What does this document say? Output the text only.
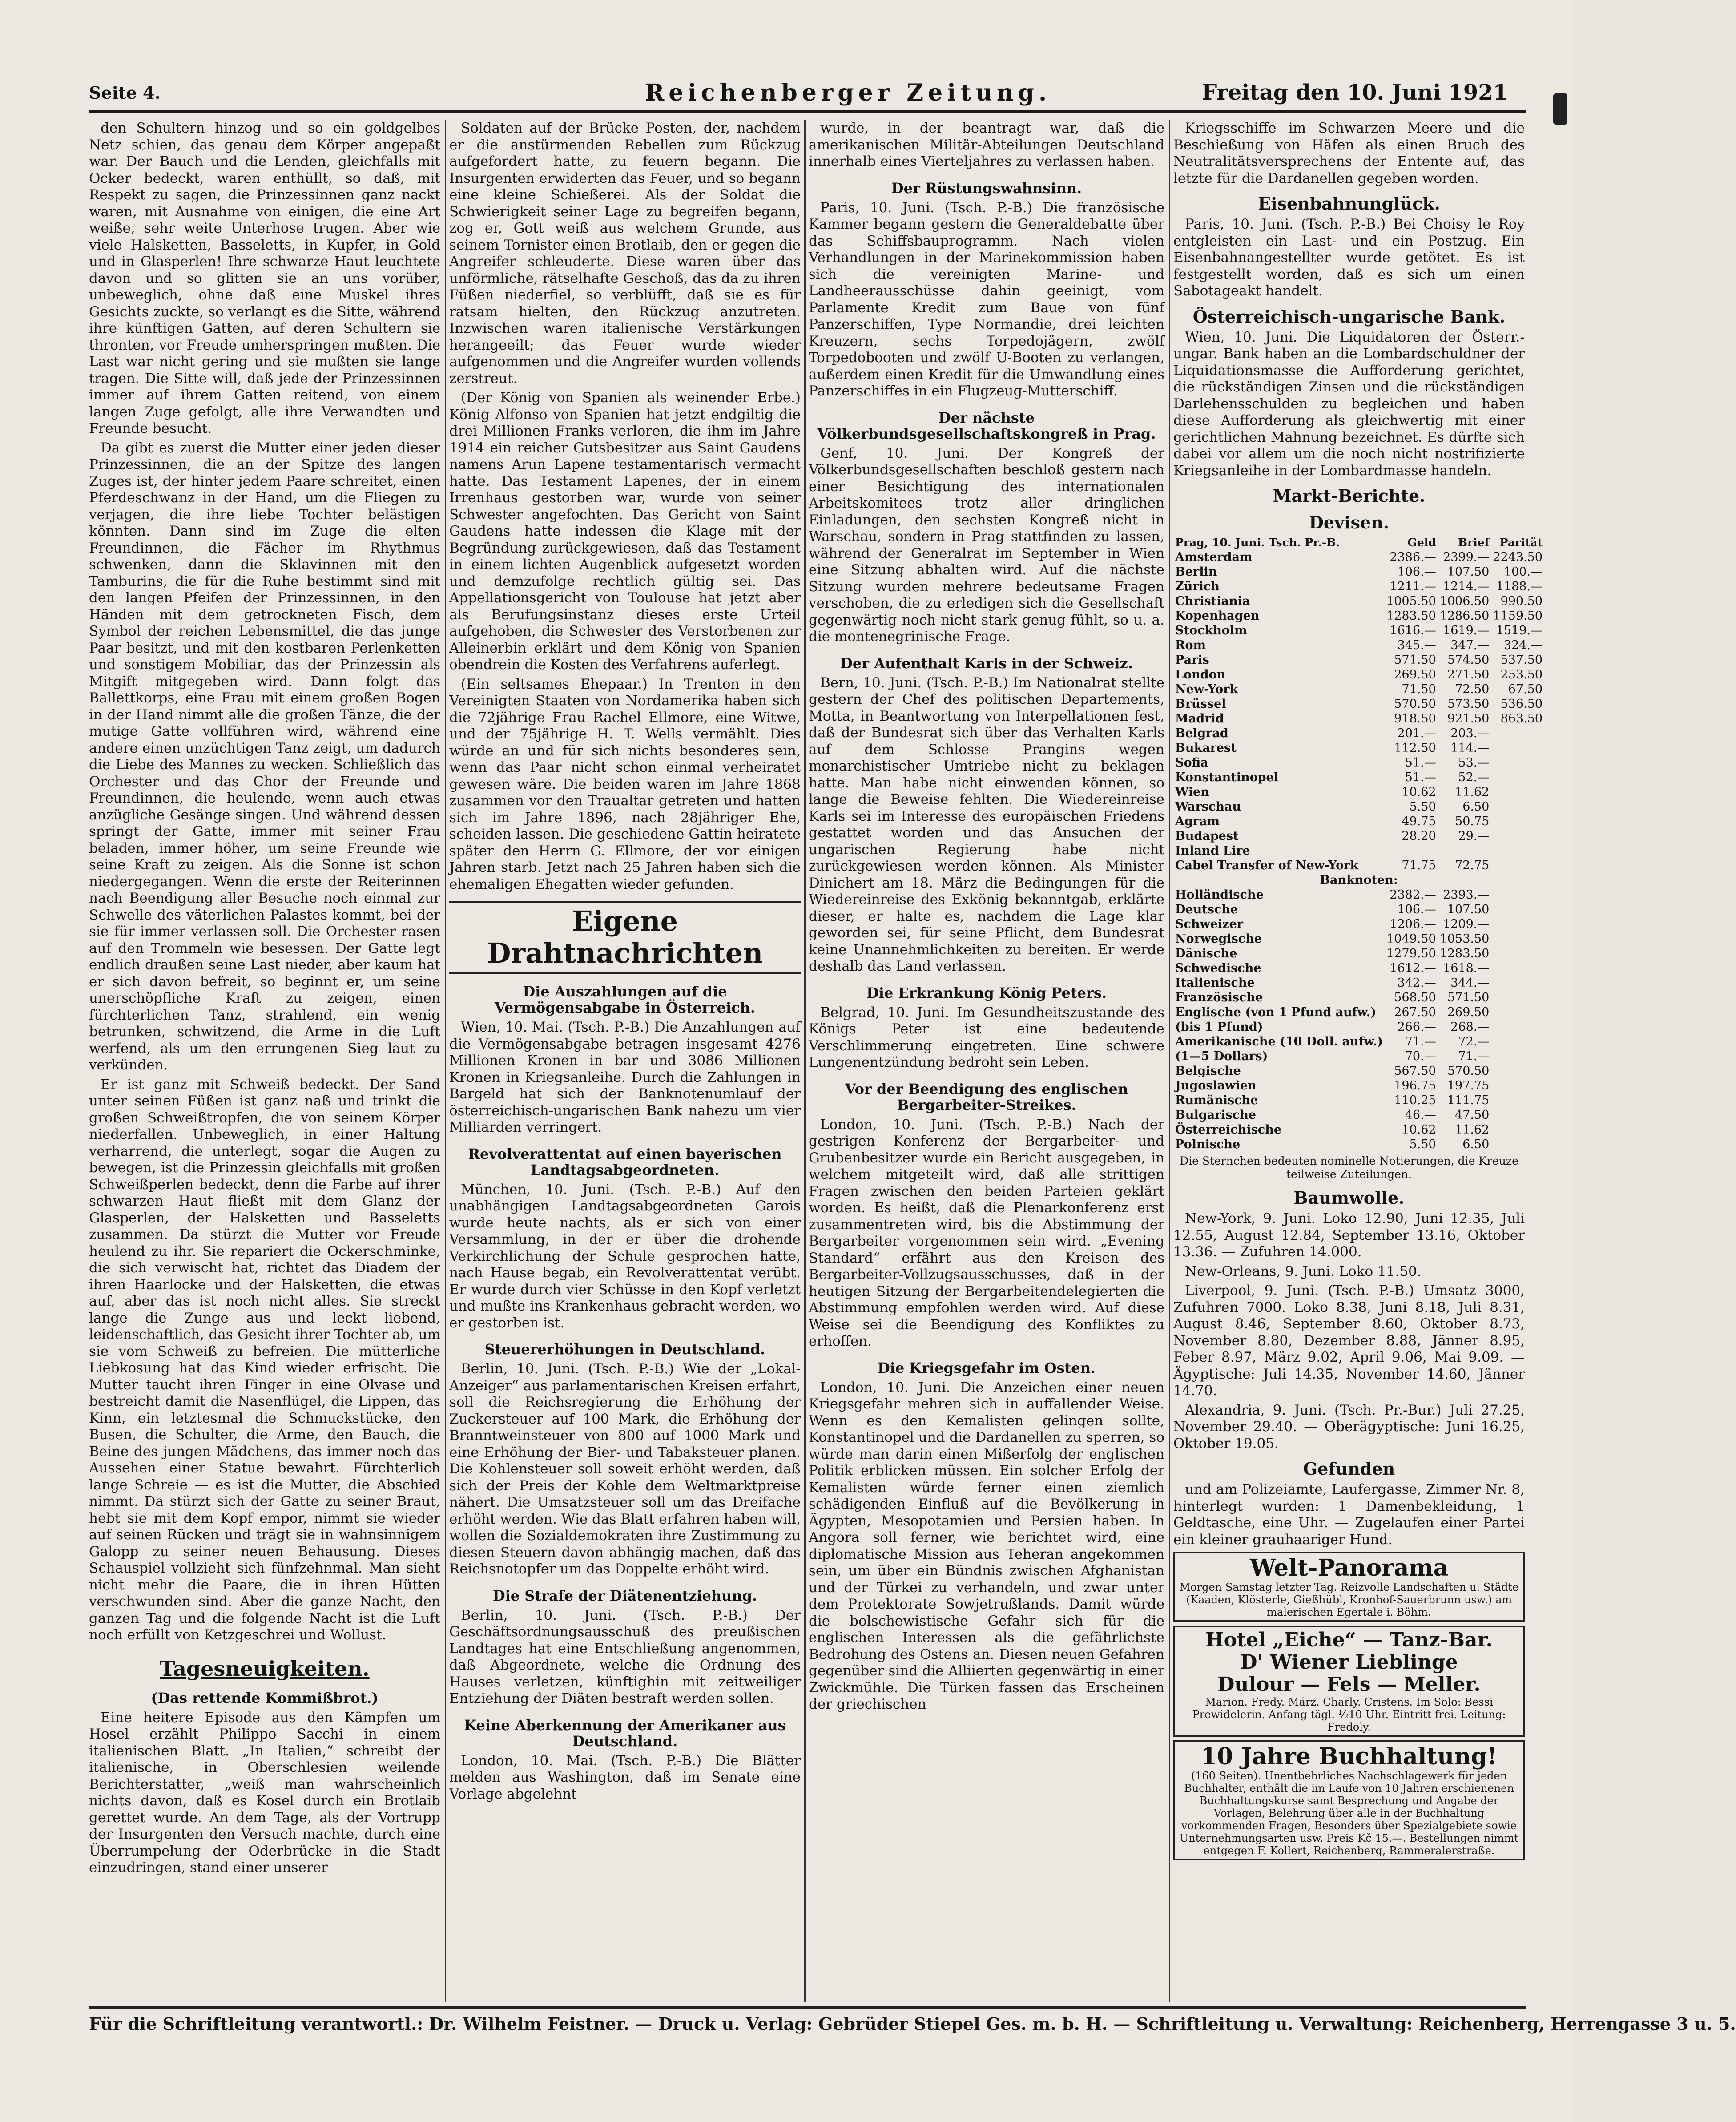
Seite 4.	Reichenberger Zeitung.	Freitag den 10. Juni 1921

den Schultern hinzog und so ein goldgelbes Netz schien, das genau dem Körper angepaßt war. Der Bauch und die Lenden, gleichfalls mit Ocker bedeckt, waren enthüllt, so daß, mit Respekt zu sagen, die Prinzessinnen ganz nackt waren, mit Ausnahme von einigen, die eine Art weiße, sehr weite Unterhose trugen. Aber wie viele Halsketten, Basseletts, in Kupfer, in Gold und in Glasperlen! Ihre schwarze Haut leuchtete davon und so glitten sie an uns vorüber, unbeweglich, ohne daß eine Muskel ihres Gesichts zuckte, so verlangt es die Sitte, während ihre künftigen Gatten, auf deren Schultern sie thronten, vor Freude umherspringen mußten. Die Last war nicht gering und sie mußten sie lange tragen. Die Sitte will, daß jede der Prinzessinnen immer auf ihrem Gatten reitend, von einem langen Zuge gefolgt, alle ihre Verwandten und Freunde besucht.

Da gibt es zuerst die Mutter einer jeden dieser Prinzessinnen, die an der Spitze des langen Zuges ist, der hinter jedem Paare schreitet, einen Pferdeschwanz in der Hand, um die Fliegen zu verjagen, die ihre liebe Tochter belästigen könnten. Dann sind im Zuge die elten Freundinnen, die Fächer im Rhythmus schwenken, dann die Sklavinnen mit den Tamburins, die für die Ruhe bestimmt sind mit den langen Pfeifen der Prinzessinnen, in den Händen mit dem getrockneten Fisch, dem Symbol der reichen Lebensmittel, die das junge Paar besitzt, und mit den kostbaren Perlenketten und sonstigem Mobiliar, das der Prinzessin als Mitgift mitgegeben wird. Dann folgt das Ballettkorps, eine Frau mit einem großen Bogen in der Hand nimmt alle die großen Tänze, die der mutige Gatte vollführen wird, während eine andere einen unzüchtigen Tanz zeigt, um dadurch die Liebe des Mannes zu wecken. Schließlich das Orchester und das Chor der Freunde und Freundinnen, die heulende, wenn auch etwas anzügliche Gesänge singen. Und während dessen springt der Gatte, immer mit seiner Frau beladen, immer höher, um seine Freunde wie seine Kraft zu zeigen. Als die Sonne ist schon niedergegangen. Wenn die erste der Reiterinnen nach Beendigung aller Besuche noch einmal zur Schwelle des väterlichen Palastes kommt, bei der sie für immer verlassen soll. Die Orchester rasen auf den Trommeln wie besessen. Der Gatte legt endlich draußen seine Last nieder, aber kaum hat er sich davon befreit, so beginnt er, um seine unerschöpfliche Kraft zu zeigen, einen fürchterlichen Tanz, strahlend, ein wenig betrunken, schwitzend, die Arme in die Luft werfend, als um den errungenen Sieg laut zu verkünden.

Er ist ganz mit Schweiß bedeckt. Der Sand unter seinen Füßen ist ganz naß und trinkt die großen Schweißtropfen, die von seinem Körper niederfallen. Unbeweglich, in einer Haltung verharrend, die unterlegt, sogar die Augen zu bewegen, ist die Prinzessin gleichfalls mit großen Schweißperlen bedeckt, denn die Farbe auf ihrer schwarzen Haut fließt mit dem Glanz der Glasperlen, der Halsketten und Basseletts zusammen. Da stürzt die Mutter vor Freude heulend zu ihr. Sie repariert die Ockerschminke, die sich verwischt hat, richtet das Diadem der ihren Haarlocke und der Halsketten, die etwas auf, aber das ist noch nicht alles. Sie streckt lange die Zunge aus und leckt liebend, leidenschaftlich, das Gesicht ihrer Tochter ab, um sie vom Schweiß zu befreien. Die mütterliche Liebkosung hat das Kind wieder erfrischt. Die Mutter taucht ihren Finger in eine Olvase und bestreicht damit die Nasenflügel, die Lippen, das Kinn, ein letztesmal die Schmuckstücke, den Busen, die Schulter, die Arme, den Bauch, die Beine des jungen Mädchens, das immer noch das Aussehen einer Statue bewahrt. Fürchterlich lange Schreie — es ist die Mutter, die Abschied nimmt. Da stürzt sich der Gatte zu seiner Braut, hebt sie mit dem Kopf empor, nimmt sie wieder auf seinen Rücken und trägt sie in wahnsinnigem Galopp zu seiner neuen Behausung. Dieses Schauspiel vollzieht sich fünfzehnmal. Man sieht nicht mehr die Paare, die in ihren Hütten verschwunden sind. Aber die ganze Nacht, den ganzen Tag und die folgende Nacht ist die Luft noch erfüllt von Ketzgeschrei und Wollust.

Tagesneuigkeiten.
(Das rettende Kommißbrot.)

Eine heitere Episode aus den Kämpfen um Hosel erzählt Philippo Sacchi in einem italienischen Blatt. „In Italien,“ schreibt der italienische, in Oberschlesien weilende Berichterstatter, „weiß man wahrscheinlich nichts davon, daß es Kosel durch ein Brotlaib gerettet wurde. An dem Tage, als der Vortrupp der Insurgenten den Versuch machte, durch eine Überrumpelung der Oderbrücke in die Stadt einzudringen, stand einer unserer

Soldaten auf der Brücke Posten, der, nachdem er die anstürmenden Rebellen zum Rückzug aufgefordert hatte, zu feuern begann. Die Insurgenten erwiderten das Feuer, und so begann eine kleine Schießerei. Als der Soldat die Schwierigkeit seiner Lage zu begreifen begann, zog er, Gott weiß aus welchem Grunde, aus seinem Tornister einen Brotlaib, den er gegen die Angreifer schleuderte. Diese waren über das unförmliche, rätselhafte Geschoß, das da zu ihren Füßen niederfiel, so verblüfft, daß sie es für ratsam hielten, den Rückzug anzutreten. Inzwischen waren italienische Verstärkungen herangeeilt; das Feuer wurde wieder aufgenommen und die Angreifer wurden vollends zerstreut.

(Der König von Spanien als weinender Erbe.) König Alfonso von Spanien hat jetzt endgiltig die drei Millionen Franks verloren, die ihm im Jahre 1914 ein reicher Gutsbesitzer aus Saint Gaudens namens Arun Lapene testamentarisch vermacht hatte. Das Testament Lapenes, der in einem Irrenhaus gestorben war, wurde von seiner Schwester angefochten. Das Gericht von Saint Gaudens hatte indessen die Klage mit der Begründung zurückgewiesen, daß das Testament in einem lichten Augenblick aufgesetzt worden und demzufolge rechtlich gültig sei. Das Appellationsgericht von Toulouse hat jetzt aber als Berufungsinstanz dieses erste Urteil aufgehoben, die Schwester des Verstorbenen zur Alleinerbin erklärt und dem König von Spanien obendrein die Kosten des Verfahrens auferlegt.

(Ein seltsames Ehepaar.) In Trenton in den Vereinigten Staaten von Nordamerika haben sich die 72jährige Frau Rachel Ellmore, eine Witwe, und der 75jährige H. T. Wells vermählt. Dies würde an und für sich nichts besonderes sein, wenn das Paar nicht schon einmal verheiratet gewesen wäre. Die beiden waren im Jahre 1868 zusammen vor den Traualtar getreten und hatten sich im Jahre 1896, nach 28jähriger Ehe, scheiden lassen. Die geschiedene Gattin heiratete später den Herrn G. Ellmore, der vor einigen Jahren starb. Jetzt nach 25 Jahren haben sich die ehemaligen Ehegatten wieder gefunden.

Eigene Drahtnachrichten
Die Auszahlungen auf die Vermögensabgabe in Österreich.

Wien, 10. Mai. (Tsch. P.-B.) Die Anzahlungen auf die Vermögensabgabe betragen insgesamt 4276 Millionen Kronen in bar und 3086 Millionen Kronen in Kriegsanleihe. Durch die Zahlungen in Bargeld hat sich der Banknotenumlauf der österreichisch-ungarischen Bank nahezu um vier Milliarden verringert.

Revolverattentat auf einen bayerischen Landtagsabgeordneten.

München, 10. Juni. (Tsch. P.-B.) Auf den unabhängigen Landtagsabgeordneten Garois wurde heute nachts, als er sich von einer Versammlung, in der er über die drohende Verkirchlichung der Schule gesprochen hatte, nach Hause begab, ein Revolverattentat verübt. Er wurde durch vier Schüsse in den Kopf verletzt und mußte ins Krankenhaus gebracht werden, wo er gestorben ist.

Steuererhöhungen in Deutschland.

Berlin, 10. Juni. (Tsch. P.-B.) Wie der „Lokal-Anzeiger“ aus parlamentarischen Kreisen erfahrt, soll die Reichsregierung die Erhöhung der Zuckersteuer auf 100 Mark, die Erhöhung der Branntweinsteuer von 800 auf 1000 Mark und eine Erhöhung der Bier- und Tabaksteuer planen. Die Kohlensteuer soll soweit erhöht werden, daß sich der Preis der Kohle dem Weltmarktpreise nähert. Die Umsatzsteuer soll um das Dreifache erhöht werden. Wie das Blatt erfahren haben will, wollen die Sozialdemokraten ihre Zustimmung zu diesen Steuern davon abhängig machen, daß das Reichsnotopfer um das Doppelte erhöht wird.

Die Strafe der Diätenentziehung.

Berlin, 10. Juni. (Tsch. P.-B.) Der Geschäftsordnungsausschuß des preußischen Landtages hat eine Entschließung angenommen, daß Abgeordnete, welche die Ordnung des Hauses verletzen, künftighin mit zeitweiliger Entziehung der Diäten bestraft werden sollen.

Keine Aberkennung der Amerikaner aus Deutschland.

London, 10. Mai. (Tsch. P.-B.) Die Blätter melden aus Washington, daß im Senate eine Vorlage abgelehnt

wurde, in der beantragt war, daß die amerikanischen Militär-Abteilungen Deutschland innerhalb eines Vierteljahres zu verlassen haben.

Der Rüstungswahnsinn.

Paris, 10. Juni. (Tsch. P.-B.) Die französische Kammer begann gestern die Generaldebatte über das Schiffsbauprogramm. Nach vielen Verhandlungen in der Marinekommission haben sich die vereinigten Marine- und Landheerausschüsse dahin geeinigt, vom Parlamente Kredit zum Baue von fünf Panzerschiffen, Type Normandie, drei leichten Kreuzern, sechs Torpedojägern, zwölf Torpedobooten und zwölf U-Booten zu verlangen, außerdem einen Kredit für die Umwandlung eines Panzerschiffes in ein Flugzeug-Mutterschiff.

Der nächste Völkerbundsgesellschaftskongreß in Prag.

Genf, 10. Juni. Der Kongreß der Völkerbundsgesellschaften beschloß gestern nach einer Besichtigung des internationalen Arbeitskomitees trotz aller dringlichen Einladungen, den sechsten Kongreß nicht in Warschau, sondern in Prag stattfinden zu lassen, während der Generalrat im September in Wien eine Sitzung abhalten wird. Auf die nächste Sitzung wurden mehrere bedeutsame Fragen verschoben, die zu erledigen sich die Gesellschaft gegenwärtig noch nicht stark genug fühlt, so u. a. die montenegrinische Frage.

Der Aufenthalt Karls in der Schweiz.

Bern, 10. Juni. (Tsch. P.-B.) Im Nationalrat stellte gestern der Chef des politischen Departements, Motta, in Beantwortung von Interpellationen fest, daß der Bundesrat sich über das Verhalten Karls auf dem Schlosse Prangins wegen monarchistischer Umtriebe nicht zu beklagen hatte. Man habe nicht einwenden können, so lange die Beweise fehlten. Die Wiedereinreise Karls sei im Interesse des europäischen Friedens gestattet worden und das Ansuchen der ungarischen Regierung habe nicht zurückgewiesen werden können. Als Minister Dinichert am 18. März die Bedingungen für die Wiedereinreise des Exkönig bekanntgab, erklärte dieser, er halte es, nachdem die Lage klar geworden sei, für seine Pflicht, dem Bundesrat keine Unannehmlichkeiten zu bereiten. Er werde deshalb das Land verlassen.

Die Erkrankung König Peters.

Belgrad, 10. Juni. Im Gesundheitszustande des Königs Peter ist eine bedeutende Verschlimmerung eingetreten. Eine schwere Lungenentzündung bedroht sein Leben.

Vor der Beendigung des englischen Bergarbeiter-Streikes.

London, 10. Juni. (Tsch. P.-B.) Nach der gestrigen Konferenz der Bergarbeiter- und Grubenbesitzer wurde ein Bericht ausgegeben, in welchem mitgeteilt wird, daß alle strittigen Fragen zwischen den beiden Parteien geklärt worden. Es heißt, daß die Plenarkonferenz erst zusammentreten wird, bis die Abstimmung der Bergarbeiter vorgenommen sein wird. „Evening Standard“ erfährt aus den Kreisen des Bergarbeiter-Vollzugsausschusses, daß in der heutigen Sitzung der Bergarbeitendelegierten die Abstimmung empfohlen werden wird. Auf diese Weise sei die Beendigung des Konfliktes zu erhoffen.

Die Kriegsgefahr im Osten.

London, 10. Juni. Die Anzeichen einer neuen Kriegsgefahr mehren sich in auffallender Weise. Wenn es den Kemalisten gelingen sollte, Konstantinopel und die Dardanellen zu sperren, so würde man darin einen Mißerfolg der englischen Politik erblicken müssen. Ein solcher Erfolg der Kemalisten würde ferner einen ziemlich schädigenden Einfluß auf die Bevölkerung in Ägypten, Mesopotamien und Persien haben. In Angora soll ferner, wie berichtet wird, eine diplomatische Mission aus Teheran angekommen sein, um über ein Bündnis zwischen Afghanistan und der Türkei zu verhandeln, und zwar unter dem Protektorate Sowjetrußlands. Damit würde die bolschewistische Gefahr sich für die englischen Interessen als die gefährlichste Bedrohung des Ostens an. Diesen neuen Gefahren gegenüber sind die Alliierten gegenwärtig in einer Zwickmühle. Die Türken fassen das Erscheinen der griechischen

Kriegsschiffe im Schwarzen Meere und die Beschießung von Häfen als einen Bruch des Neutralitätsversprechens der Entente auf, das letzte für die Dardanellen gegeben worden.

Eisenbahnunglück.

Paris, 10. Juni. (Tsch. P.-B.) Bei Choisy le Roy entgleisten ein Last- und ein Postzug. Ein Eisenbahnangestellter wurde getötet. Es ist festgestellt worden, daß es sich um einen Sabotageakt handelt.

Österreichisch-ungarische Bank.

Wien, 10. Juni. Die Liquidatoren der Österr.-ungar. Bank haben an die Lombardschuldner der Liquidationsmasse die Aufforderung gerichtet, die rückständigen Zinsen und die rückständigen Darlehensschulden zu begleichen und haben diese Aufforderung als gleichwertig mit einer gerichtlichen Mahnung bezeichnet. Es dürfte sich dabei vor allem um die noch nicht nostrifizierte Kriegsanleihe in der Lombardmasse handeln.

Markt-Berichte.
Devisen.
Prag, 10. Juni. Tsch. Pr.-B.	Geld	Brief	Parität
Amsterdam	2386.—	2399.—	2243.50
Berlin	106.—	107.50	100.—
Zürich	1211.—	1214.—	1188.—
Christiania	1005.50	1006.50	990.50
Kopenhagen	1283.50	1286.50	1159.50
Stockholm	1616.—	1619.—	1519.—
Rom	345.—	347.—	324.—
Paris	571.50	574.50	537.50
London	269.50	271.50	253.50
New-York	71.50	72.50	67.50
Brüssel	570.50	573.50	536.50
Madrid	918.50	921.50	863.50
Belgrad	201.—	203.—	
Bukarest	112.50	114.—	
Sofia	51.—	53.—	
Konstantinopel	51.—	52.—	
Wien	10.62	11.62	
Warschau	5.50	6.50	
Agram	49.75	50.75	
Budapest	28.20	29.—	
Inland Lire			
Cabel Transfer of New-York	71.75	72.75	
Banknoten:			
Holländische	2382.—	2393.—	
Deutsche	106.—	107.50	
Schweizer	1206.—	1209.—	
Norwegische	1049.50	1053.50	
Dänische	1279.50	1283.50	
Schwedische	1612.—	1618.—	
Italienische	342.—	344.—	
Französische	568.50	571.50	
Englische (von 1 Pfund aufw.)	267.50	269.50	
(bis 1 Pfund)	266.—	268.—	
Amerikanische (10 Doll. aufw.)	71.—	72.—	
(1—5 Dollars)	70.—	71.—	
Belgische	567.50	570.50	
Jugoslawien	196.75	197.75	
Rumänische	110.25	111.75	
Bulgarische	46.—	47.50	
Österreichische	10.62	11.62	
Polnische	5.50	6.50	
Die Sternchen bedeuten nominelle Notierungen, die Kreuze teilweise Zuteilungen.
Baumwolle.

New-York, 9. Juni. Loko 12.90, Juni 12.35, Juli 12.55, August 12.84, September 13.16, Oktober 13.36. — Zufuhren 14.000.

New-Orleans, 9. Juni. Loko 11.50.

Liverpool, 9. Juni. (Tsch. P.-B.) Umsatz 3000, Zufuhren 7000. Loko 8.38, Juni 8.18, Juli 8.31, August 8.46, September 8.60, Oktober 8.73, November 8.80, Dezember 8.88, Jänner 8.95, Feber 8.97, März 9.02, April 9.06, Mai 9.09. — Ägyptische: Juli 14.35, November 14.60, Jänner 14.70.

Alexandria, 9. Juni. (Tsch. Pr.-Bur.) Juli 27.25, November 29.40. — Oberägyptische: Juni 16.25, Oktober 19.05.

Gefunden

und am Polizeiamte, Laufergasse, Zimmer Nr. 8, hinterlegt wurden: 1 Damenbekleidung, 1 Geldtasche, eine Uhr. — Zugelaufen einer Partei ein kleiner grauhaariger Hund.

Welt-Panorama
Morgen Samstag letzter Tag. Reizvolle Landschaften u. Städte (Kaaden, Klösterle, Gießhübl, Kronhof-Sauerbrunn usw.) am malerischen Egertale i. Böhm.
Hotel „Eiche“ — Tanz-Bar.
D' Wiener Lieblinge
Dulour — Fels — Meller.
Marion. Fredy. März. Charly. Cristens. Im Solo: Bessi Prewidelerin. Anfang tägl. ½10 Uhr. Eintritt frei. Leitung: Fredoly.
10 Jahre Buchhaltung!
(160 Seiten). Unentbehrliches Nachschlagewerk für jeden Buchhalter, enthält die im Laufe von 10 Jahren erschienenen Buchhaltungskurse samt Besprechung und Angabe der Vorlagen, Belehrung über alle in der Buchhaltung vorkommenden Fragen, Besonders über Spezialgebiete sowie Unternehmungsarten usw. Preis Kč 15.—. Bestellungen nimmt entgegen F. Kollert, Reichenberg, Rammeralerstraße.
Für die Schriftleitung verantwortl.: Dr. Wilhelm Feistner. — Druck u. Verlag: Gebrüder Stiepel Ges. m. b. H. — Schriftleitung u. Verwaltung: Reichenberg, Herrengasse 3 u. 5.
